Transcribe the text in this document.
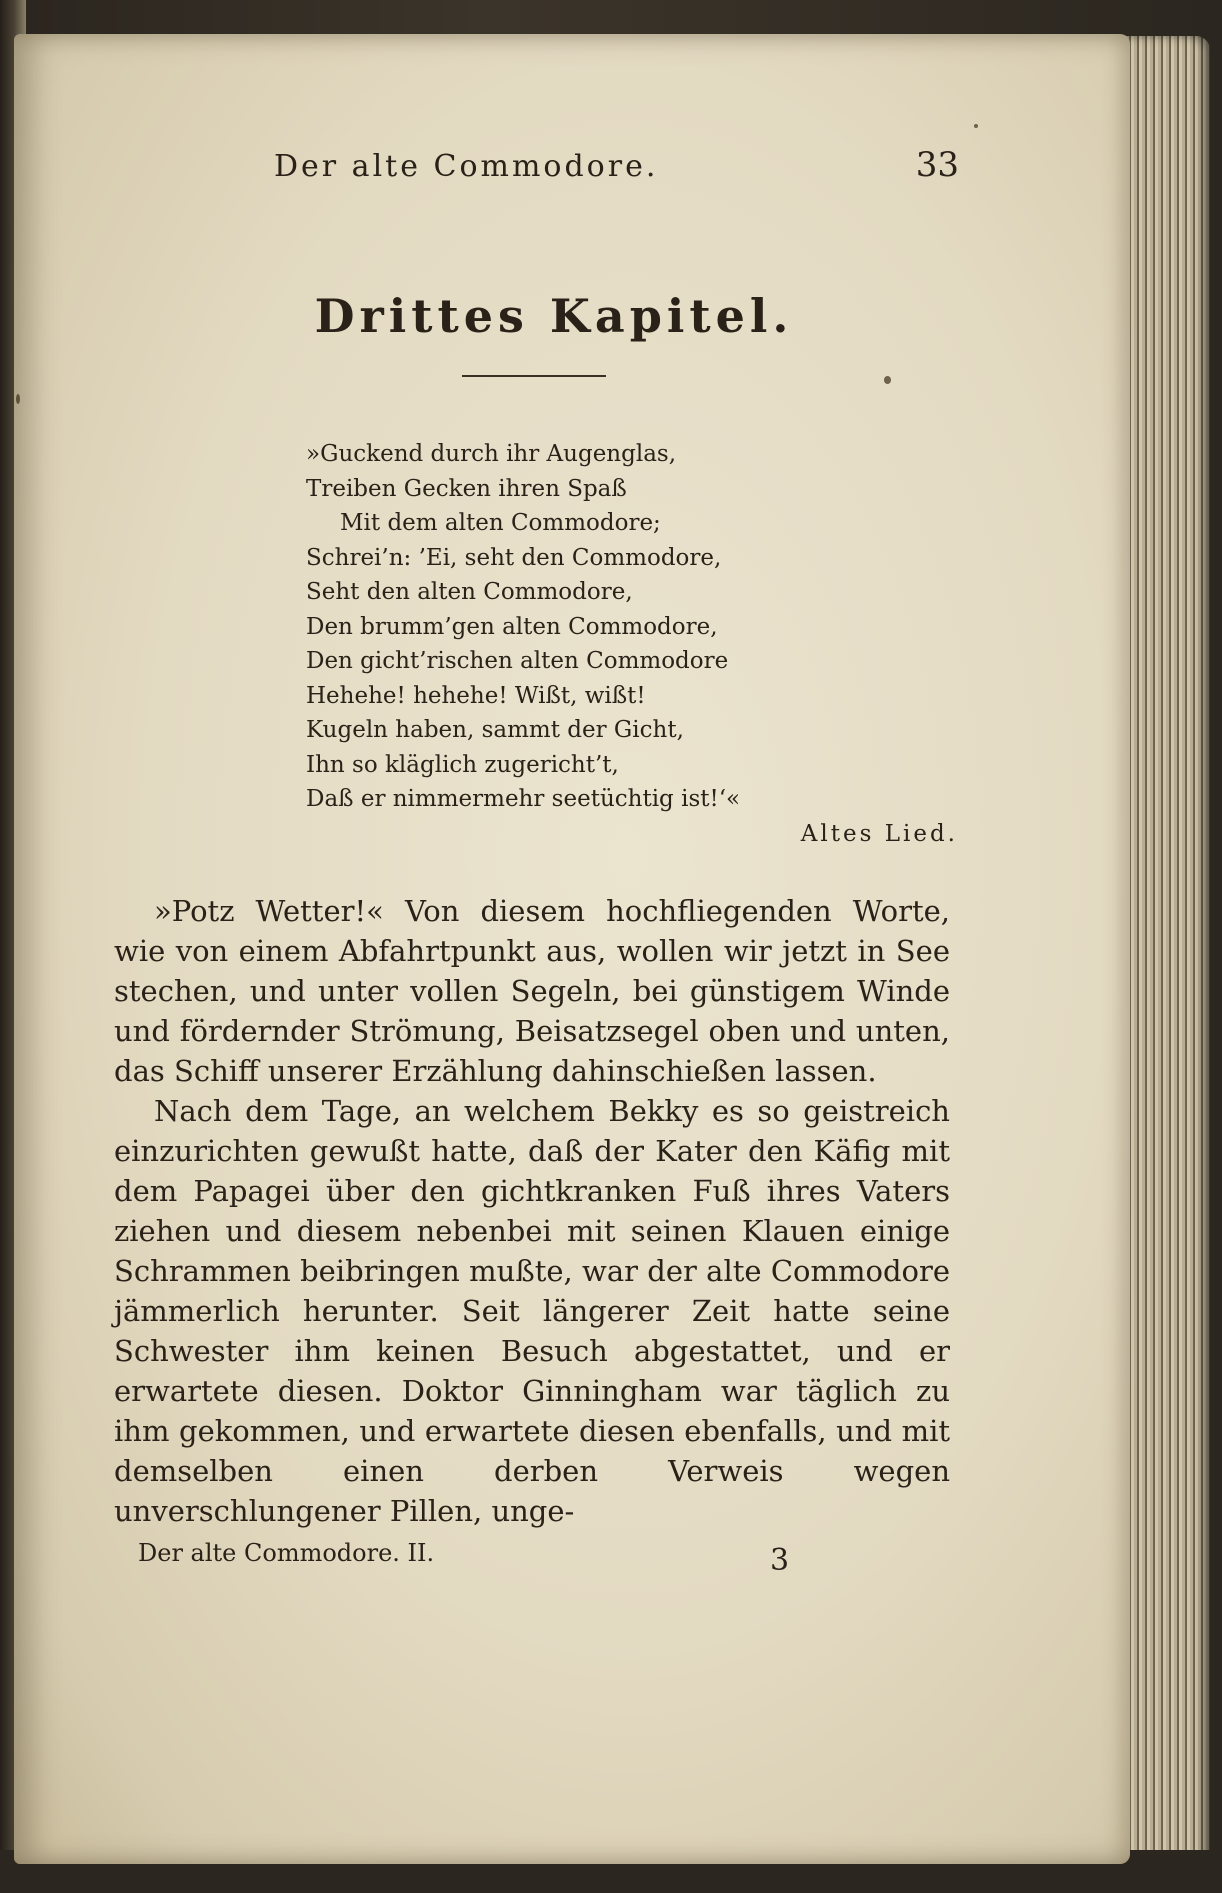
Der alte Commodore.	33
Drittes Kapitel.
»Guckend durch ihr Augenglas,
Treiben Gecken ihren Spaß
Mit dem alten Commodore;
Schrei’n: ’Ei, seht den Commodore,
Seht den alten Commodore,
Den brumm’gen alten Commodore,
Den gicht’rischen alten Commodore
Hehehe! hehehe! Wißt, wißt!
Kugeln haben, sammt der Gicht,
Ihn so kläglich zugericht’t,
Daß er nimmermehr seetüchtig ist!‘«
Altes Lied.

»Potz Wetter!« Von diesem hochfliegenden Worte, wie von einem Abfahrtpunkt aus, wollen wir jetzt in See stechen, und unter vollen Segeln, bei günstigem Winde und fördernder Strömung, Beisatzsegel oben und unten, das Schiff unserer Erzählung dahinschießen lassen.

Nach dem Tage, an welchem Bekky es so geistreich einzurichten gewußt hatte, daß der Kater den Käfig mit dem Papagei über den gichtkranken Fuß ihres Vaters ziehen und diesem nebenbei mit seinen Klauen einige Schrammen beibringen mußte, war der alte Commodore jämmerlich herunter. Seit längerer Zeit hatte seine Schwester ihm keinen Besuch abgestattet, und er erwartete diesen. Doktor Ginningham war täglich zu ihm gekommen, und erwartete diesen ebenfalls, und mit demselben einen derben Verweis wegen unverschlungener Pillen, unge-

Der alte Commodore. II.	3
